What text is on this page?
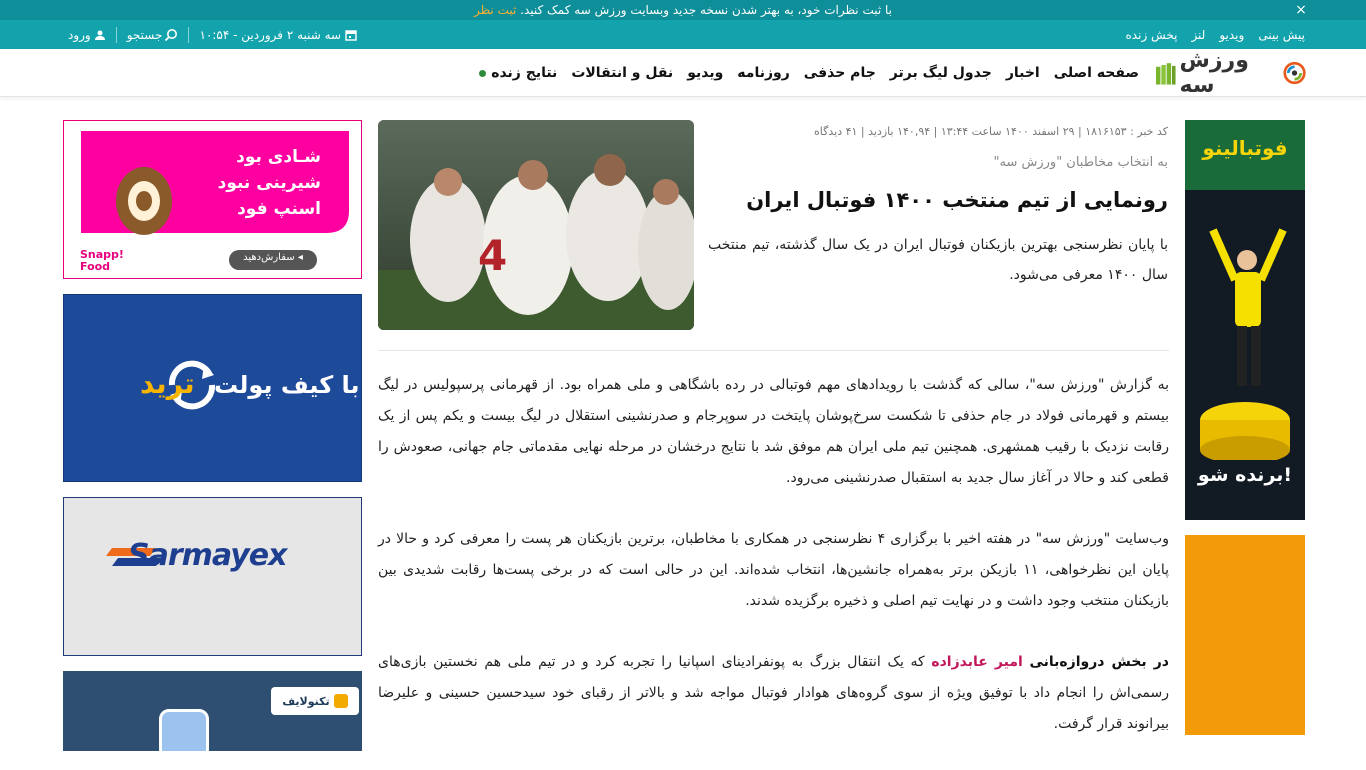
×
با ثبت نظرات خود، به بهتر شدن نسخه جدید وبسایت ورزش سه کمک کنید. ثبت نظر
پیش بینی
ویدیو
لنز
پخش زنده
ورود	جستجو	سه شنبه ۲ فروردین - ۱۰:۵۴
ورزش سه
صفحه اصلی
اخبار
جدول لیگ برتر
جام حذفی
روزنامه
ویدیو
نقل و انتقالات
نتایج زنده
فوتبالینو
برنده شو!
کد خبر : ۱۸۱۶۱۵۳ | ۲۹ اسفند ۱۴۰۰ ساعت ۱۳:۴۴ | ۱۴۰,۹۴ بازدید | ۴۱ دیدگاه
به انتخاب مخاطبان "ورزش سه"
رونمایی از تیم منتخب ۱۴۰۰ فوتبال ایران
با پایان نظرسنجی بهترین بازیکنان فوتبال ایران در یک سال گذشته، تیم منتخب سال ۱۴۰۰ معرفی می‌شود.
4

به گزارش "ورزش سه"، سالی که گذشت با رویدادهای مهم فوتبالی در رده باشگاهی و ملی همراه بود. از قهرمانی پرسپولیس در لیگ بیستم و قهرمانی فولاد در جام حذفی تا شکست سرخ‌پوشان پایتخت در سوپرجام و صدرنشینی استقلال در لیگ بیست و یکم پس از یک رقابت نزدیک با رقیب همشهری. همچنین تیم ملی ایران هم موفق شد با نتایج درخشان در مرحله نهایی مقدماتی جام جهانی، صعودش را قطعی کند و حالا در آغاز سال جدید به استقبال صدرنشینی می‌رود.

وب‌سایت "ورزش سه" در هفته اخیر با برگزاری ۴ نظرسنجی در همکاری با مخاطبان، برترین بازیکنان هر پست را معرفی کرد و حالا در پایان این نظرخواهی، ۱۱ بازیکن برتر به‌همراه جانشین‌ها، انتخاب شده‌اند. این در حالی است که در برخی پست‌ها رقابت شدیدی بین بازیکنان منتخب وجود داشت و در نهایت تیم اصلی و ذخیره برگزیده شدند.

در بخش دروازه‌بانی امیر عابدزاده که یک انتقال بزرگ به پونفرادینای اسپانیا را تجربه کرد و در تیم ملی هم نخستین بازی‌های رسمی‌اش را انجام داد با توفیق ویژه از سوی گروه‌های هوادار فوتبال مواجه شد و بالاتر از رقبای خود سیدحسین حسینی و علیرضا بیرانوند قرار گرفت.

شـادی بود
شیرینی نبود
اسنپ فود
Snapp! Food
سفارش‌دهید ◂
ترید با کیف پولت
Sarmayex
تکنولایف
